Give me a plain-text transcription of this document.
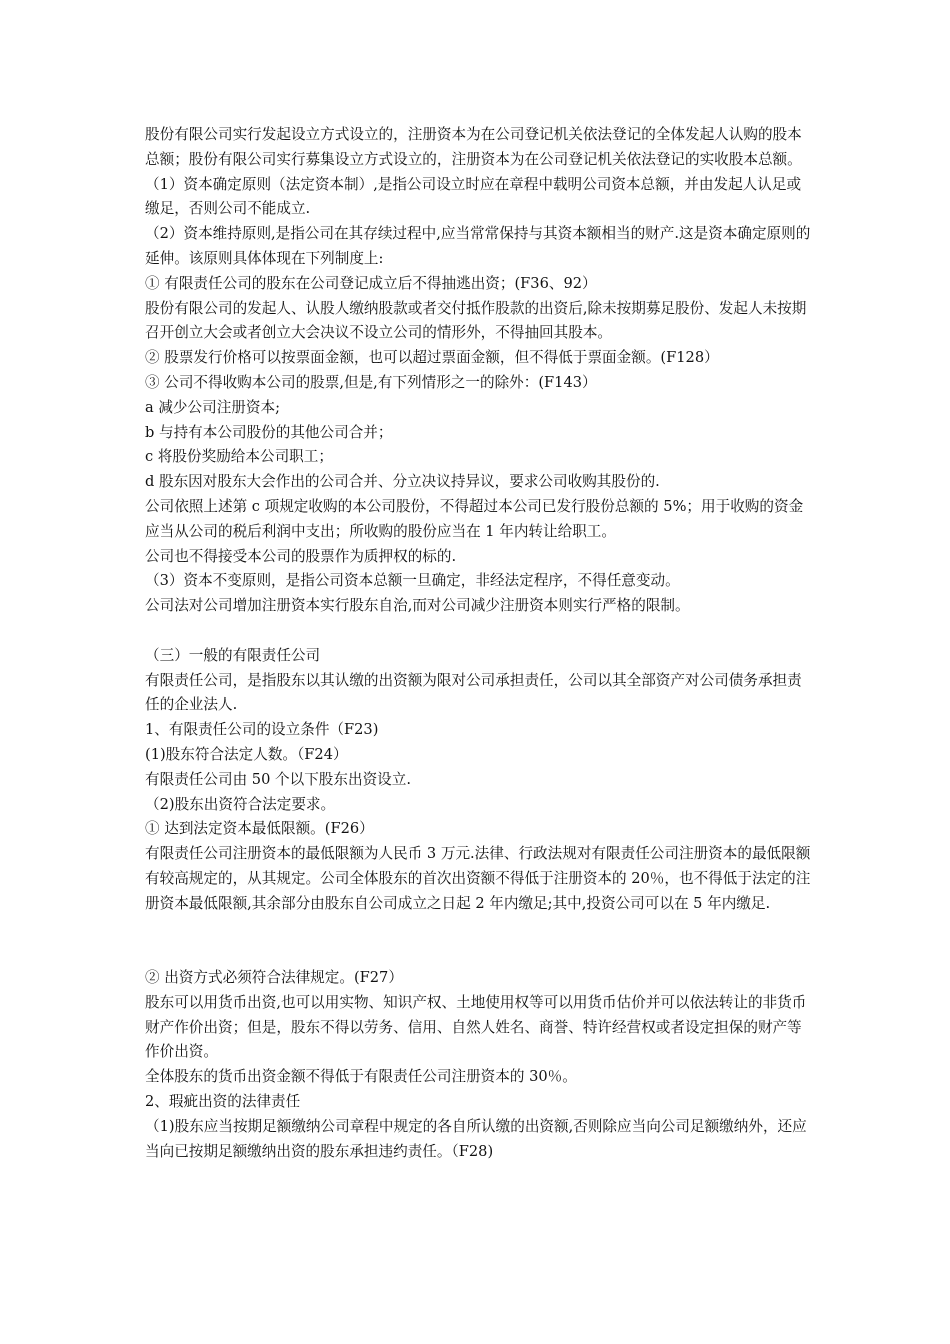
股份有限公司实行发起设立方式设立的，注册资本为在公司登记机关依法登记的全体发起人认购的股本总额；股份有限公司实行募集设立方式设立的，注册资本为在公司登记机关依法登记的实收股本总额。

（1）资本确定原则（法定资本制）,是指公司设立时应在章程中载明公司资本总额，并由发起人认足或缴足，否则公司不能成立.

（2）资本维持原则,是指公司在其存续过程中,应当常常保持与其资本额相当的财产.这是资本确定原则的延伸。该原则具体体现在下列制度上:

① 有限责任公司的股东在公司登记成立后不得抽逃出资；(F36、92）

股份有限公司的发起人、认股人缴纳股款或者交付抵作股款的出资后,除未按期募足股份、发起人未按期召开创立大会或者创立大会决议不设立公司的情形外，不得抽回其股本。

② 股票发行价格可以按票面金额，也可以超过票面金额，但不得低于票面金额。(F128）

③ 公司不得收购本公司的股票,但是,有下列情形之一的除外：(F143）

a 减少公司注册资本;

b 与持有本公司股份的其他公司合并；

c 将股份奖励给本公司职工；

d 股东因对股东大会作出的公司合并、分立决议持异议，要求公司收购其股份的.

公司依照上述第 c 项规定收购的本公司股份，不得超过本公司已发行股份总额的 5%；用于收购的资金应当从公司的税后利润中支出；所收购的股份应当在 1 年内转让给职工。

公司也不得接受本公司的股票作为质押权的标的.

（3）资本不变原则，是指公司资本总额一旦确定，非经法定程序，不得任意变动。

公司法对公司增加注册资本实行股东自治,而对公司减少注册资本则实行严格的限制。

（三）一般的有限责任公司

有限责任公司，是指股东以其认缴的出资额为限对公司承担责任，公司以其全部资产对公司债务承担责任的企业法人.

1、有限责任公司的设立条件（F23)

(1)股东符合法定人数。（F24）

有限责任公司由 50 个以下股东出资设立.

（2)股东出资符合法定要求。

① 达到法定资本最低限额。(F26）

有限责任公司注册资本的最低限额为人民币 3 万元.法律、行政法规对有限责任公司注册资本的最低限额有较高规定的，从其规定。公司全体股东的首次出资额不得低于注册资本的 20％，也不得低于法定的注册资本最低限额,其余部分由股东自公司成立之日起 2 年内缴足;其中,投资公司可以在 5 年内缴足.

② 出资方式必须符合法律规定。(F27）

股东可以用货币出资,也可以用实物、知识产权、土地使用权等可以用货币估价并可以依法转让的非货币财产作价出资；但是，股东不得以劳务、信用、自然人姓名、商誉、特许经营权或者设定担保的财产等作价出资。

全体股东的货币出资金额不得低于有限责任公司注册资本的 30％。

2、瑕疵出资的法律责任

（1)股东应当按期足额缴纳公司章程中规定的各自所认缴的出资额,否则除应当向公司足额缴纳外，还应当向已按期足额缴纳出资的股东承担违约责任。（F28)
